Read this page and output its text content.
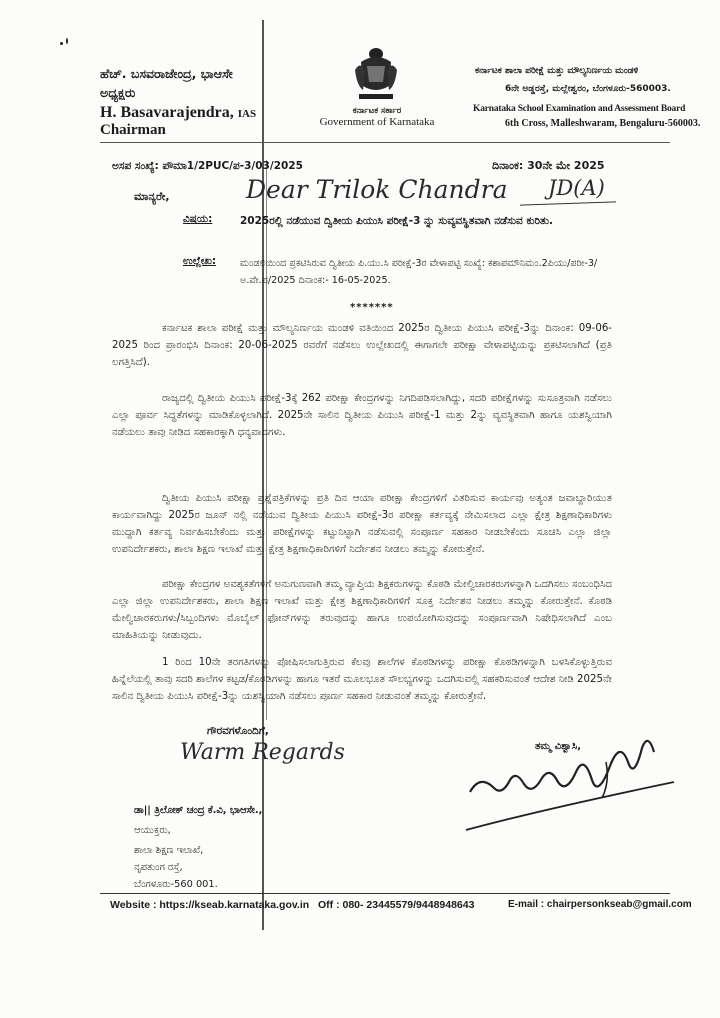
ಹೆಚ್. ಬಸವರಾಜೇಂದ್ರ, ಭಾಆಸೇ
ಅಧ್ಯಕ್ಷರು
H. Basavarajendra, IAS
Chairman
ಕರ್ನಾಟಕ ಸರ್ಕಾರ
Government of Karnataka
ಕರ್ನಾಟಕ ಶಾಲಾ ಪರೀಕ್ಷೆ ಮತ್ತು ಮೌಲ್ಯನಿರ್ಣಯ ಮಂಡಳಿ
6ನೇ ಅಡ್ಡರಸ್ತೆ, ಮಲ್ಲೇಶ್ವರಂ, ಬೆಂಗಳೂರು-560003.
Karnataka School Examination and Assessment Board
6th Cross, Malleshwaram, Bengaluru-560003.
ಅಸಪ ಸಂಖ್ಯೆ: ಪೌಮಾ1/2PUC/ಪ-3/03/2025	ದಿನಾಂಕ: 30ನೇ ಮೇ 2025
ಮಾನ್ಯರೇ,	Dear Trilok Chandra JD(A)
ವಿಷಯ:	2025ರಲ್ಲಿ ನಡೆಯುವ ದ್ವಿತೀಯ ಪಿಯುಸಿ ಪರೀಕ್ಷೆ-3 ನ್ನು ಸುವ್ಯವಸ್ಥಿತವಾಗಿ ನಡೆಸುವ ಕುರಿತು.
ಉಲ್ಲೇಖ: ಮಂಡಲಿಯಿಂದ ಪ್ರಕಟಿಸಿರುವ ದ್ವಿತೀಯ ಪಿ.ಯು.ಸಿ ಪರೀಕ್ಷೆ-3ರ ವೇಳಾಪಟ್ಟಿ ಸಂಖ್ಯೆ: ಕಶಾಪಮೌನಿಮಂ.2ಪಿಯು/ಪರೀ-3/ಅ.ವೇ.ಪ/2025 ದಿನಾಂಕ:- 16-05-2025.
*******
ಕರ್ನಾಟಕ ಶಾಲಾ ಪರೀಕ್ಷೆ ಮತ್ತು ಮೌಲ್ಯನಿರ್ಣಯ ಮಂಡಳಿ ವತಿಯಿಂದ 2025ರ ದ್ವಿತೀಯ ಪಿಯುಸಿ ಪರೀಕ್ಷೆ-3ನ್ನು ದಿನಾಂಕ: 09-06-2025 ರಿಂದ ಪ್ರಾರಂಭಿಸಿ ದಿನಾಂಕ: 20-06-2025 ರವರೆಗೆ ನಡೆಸಲು ಉಲ್ಲೇಖದಲ್ಲಿ ಈಗಾಗಲೇ ಪರೀಕ್ಷಾ ವೇಳಾಪಟ್ಟಿಯನ್ನು ಪ್ರಕಟಿಸಲಾಗಿದೆ (ಪ್ರತಿ ಲಗತ್ತಿಸಿದೆ).
ರಾಜ್ಯದಲ್ಲಿ ದ್ವಿತೀಯ ಪಿಯುಸಿ ಪರೀಕ್ಷೆ-3ಕ್ಕೆ 262 ಪರೀಕ್ಷಾ ಕೇಂದ್ರಗಳನ್ನು ನಿಗದಿಪಡಿಸಲಾಗಿದ್ದು, ಸದರಿ ಪರೀಕ್ಷೆಗಳನ್ನು ಸುಸೂತ್ರವಾಗಿ ನಡೆಸಲು ಎಲ್ಲಾ ಪೂರ್ವ ಸಿದ್ಧತೆಗಳನ್ನು ಮಾಡಿಕೊಳ್ಳಲಾಗಿದೆ. 2025ನೇ ಸಾಲಿನ ದ್ವಿತೀಯ ಪಿಯುಸಿ ಪರೀಕ್ಷೆ-1 ಮತ್ತು 2ನ್ನು ವ್ಯವಸ್ಥಿತವಾಗಿ ಹಾಗೂ ಯಶಸ್ವಿಯಾಗಿ ನಡೆಯಲು ತಾವು ನೀಡಿದ ಸಹಕಾರಕ್ಕಾಗಿ ಧನ್ಯವಾದಗಳು.
ದ್ವಿತೀಯ ಪಿಯುಸಿ ಪರೀಕ್ಷಾ ಪ್ರಶ್ನೆಪತ್ರಿಕೆಗಳನ್ನು ಪ್ರತಿ ದಿನ ಆಯಾ ಪರೀಕ್ಷಾ ಕೇಂದ್ರಗಳಿಗೆ ವಿತರಿಸುವ ಕಾರ್ಯವು ಅತ್ಯಂತ ಜವಾಬ್ದಾರಿಯುತ ಕಾರ್ಯವಾಗಿದ್ದು 2025ರ ಜೂನ್ ನಲ್ಲಿ ನಡೆಯುವ ದ್ವಿತೀಯ ಪಿಯುಸಿ ಪರೀಕ್ಷೆ-3ರ ಪರೀಕ್ಷಾ ಕರ್ತವ್ಯಕ್ಕೆ ನೇಮಿಸಲಾದ ಎಲ್ಲಾ ಕ್ಷೇತ್ರ ಶಿಕ್ಷಣಾಧಿಕಾರಿಗಳು ಮುದ್ದಾಗಿ ಕರ್ತವ್ಯ ನಿರ್ವಹಿಸಬೇಕೆಂದು ಮತ್ತು ಪರೀಕ್ಷೆಗಳನ್ನು ಕಟ್ಟುನಿಟ್ಟಾಗಿ ನಡೆಸುವಲ್ಲಿ ಸಂಪೂರ್ಣ ಸಹಕಾರ ನೀಡಬೇಕೆಂದು ಸೂಚಿಸಿ ಎಲ್ಲಾ ಜಿಲ್ಲಾ ಉಪನಿರ್ದೇಶಕರು, ಶಾಲಾ ಶಿಕ್ಷಣ ಇಲಾಖೆ ಮತ್ತು ಕ್ಷೇತ್ರ ಶಿಕ್ಷಣಾಧಿಕಾರಿಗಳಿಗೆ ನಿರ್ದೇಶನ ನೀಡಲು ತಮ್ಮನ್ನು ಕೋರುತ್ತೇನೆ.
ಪರೀಕ್ಷಾ ಕೇಂದ್ರಗಳ ಅವಶ್ಯಕತೆಗಳಿಗೆ ಅನುಗುಣವಾಗಿ ತಮ್ಮ ವ್ಯಾಪ್ತಿಯ ಶಿಕ್ಷಕರುಗಳನ್ನು ಕೊಠಡಿ ಮೇಲ್ವಿಚಾರಕರುಗಳನ್ನಾಗಿ ಒದಗಿಸಲು ಸಂಬಂಧಿಸಿದ ಎಲ್ಲಾ ಜಿಲ್ಲಾ ಉಪನಿರ್ದೇಶಕರು, ಶಾಲಾ ಶಿಕ್ಷಣ ಇಲಾಖೆ ಮತ್ತು ಕ್ಷೇತ್ರ ಶಿಕ್ಷಣಾಧಿಕಾರಿಗಳಿಗೆ ಸೂಕ್ತ ನಿರ್ದೇಶನ ನೀಡಲು ತಮ್ಮನ್ನು ಕೋರುತ್ತೇನೆ. ಕೊಠಡಿ ಮೇಲ್ವಿಚಾರಕರುಗಳು/ಸಿಬ್ಬಂದಿಗಳು ಮೊಬೈಲ್ ಫೋನ್‌ಗಳನ್ನು ತರುವುದನ್ನು ಹಾಗೂ ಉಪಯೋಗಿಸುವುದನ್ನು ಸಂಪೂರ್ಣವಾಗಿ ನಿಷೇಧಿಸಲಾಗಿದೆ ಎಂಬ ಮಾಹಿತಿಯನ್ನು ನೀಡುವುದು.
1 ರಿಂದ 10ನೇ ತರಗತಿಗಳನ್ನು ಪೋಷಿಸಲಾಗುತ್ತಿರುವ ಕೆಲವು ಶಾಲೆಗಳ ಕೊಠಡಿಗಳನ್ನು ಪರೀಕ್ಷಾ ಕೊಠಡಿಗಳನ್ನಾಗಿ ಬಳಸಿಕೊಳ್ಳುತ್ತಿರುವ ಹಿನ್ನೆಲೆಯಲ್ಲಿ ತಾವು ಸದರಿ ಶಾಲೆಗಳ ಕಟ್ಟಡ/ಕೊಠಡಿಗಳನ್ನು ಹಾಗೂ ಇತರೆ ಮೂಲಭೂತ ಸೌಲಭ್ಯಗಳನ್ನು ಒದಗಿಸುವಲ್ಲಿ ಸಹಕರಿಸುವಂತೆ ಆದೇಶ ನೀಡಿ 2025ನೇ ಸಾಲಿನ ದ್ವಿತೀಯ ಪಿಯುಸಿ ಪರೀಕ್ಷೆ-3ನ್ನು ಯಶಸ್ವಿಯಾಗಿ ನಡೆಸಲು ಪೂರ್ಣ ಸಹಕಾರ ನೀಡುವಂತೆ ತಮ್ಮನ್ನು ಕೋರುತ್ತೇನೆ.
ಗೌರವಗಳೊಂದಿಗೆ,
Warm Regards	ತಮ್ಮ ವಿಶ್ವಾಸಿ,
ಡಾ|| ತ್ರಿಲೋಕ್ ಚಂದ್ರ ಕೆ.ವಿ, ಭಾಆಸೇ.,
ಆಯುಕ್ತರು,
ಶಾಲಾ ಶಿಕ್ಷಣ ಇಲಾಖೆ,
ನೃಪತುಂಗ ರಸ್ತೆ,
ಬೆಂಗಳೂರು-560 001.
Website : https://kseab.karnataka.gov.in Off : 080- 23445579/9448948643	E-mail : chairpersonkseab@gmail.com
